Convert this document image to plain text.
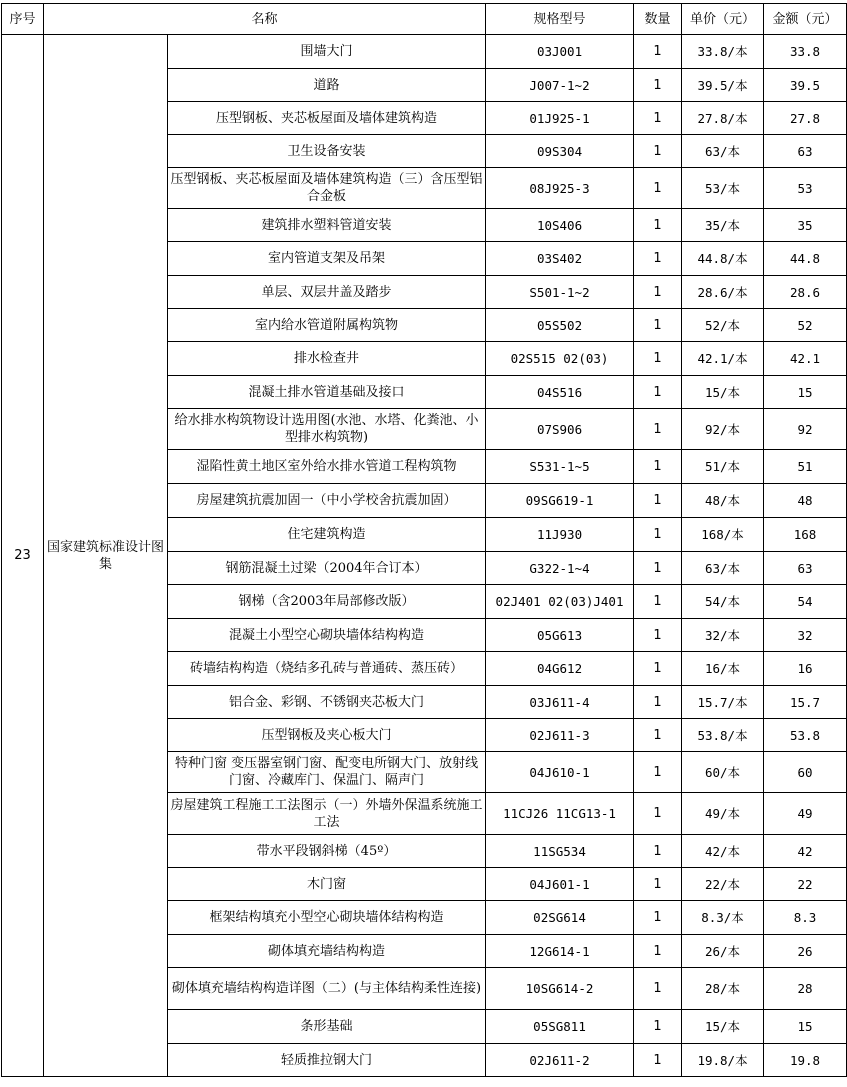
序号	名称		规格型号	数量	单价（元）	金额（元）
23	国家建筑标准设计图集	围墙大门	03J001	1	33.8/本	33.8
		道路	J007-1~2	1	39.5/本	39.5
		压型钢板、夹芯板屋面及墙体建筑构造	01J925-1	1	27.8/本	27.8
		卫生设备安装	09S304	1	63/本	63
		压型钢板、夹芯板屋面及墙体建筑构造（三）含压型铝合金板	08J925-3	1	53/本	53
		建筑排水塑料管道安装	10S406	1	35/本	35
		室内管道支架及吊架	03S402	1	44.8/本	44.8
		单层、双层井盖及踏步	S501-1~2	1	28.6/本	28.6
		室内给水管道附属构筑物	05S502	1	52/本	52
		排水检查井	02S515 02(03)	1	42.1/本	42.1
		混凝土排水管道基础及接口	04S516	1	15/本	15
		给水排水构筑物设计选用图(水池、水塔、化粪池、小型排水构筑物)	07S906	1	92/本	92
		湿陷性黄土地区室外给水排水管道工程构筑物	S531-1~5	1	51/本	51
		房屋建筑抗震加固一（中小学校舍抗震加固）	09SG619-1	1	48/本	48
		住宅建筑构造	11J930	1	168/本	168
		钢筋混凝土过梁（2004年合订本）	G322-1~4	1	63/本	63
		钢梯（含2003年局部修改版）	02J401 02(03)J401	1	54/本	54
		混凝土小型空心砌块墙体结构构造	05G613	1	32/本	32
		砖墙结构构造（烧结多孔砖与普通砖、蒸压砖）	04G612	1	16/本	16
		铝合金、彩钢、不锈钢夹芯板大门	03J611-4	1	15.7/本	15.7
		压型钢板及夹心板大门	02J611-3	1	53.8/本	53.8
		特种门窗 变压器室钢门窗、配变电所钢大门、放射线门窗、冷藏库门、保温门、隔声门	04J610-1	1	60/本	60
		房屋建筑工程施工工法图示（一）外墙外保温系统施工工法	11CJ26 11CG13-1	1	49/本	49
		带水平段钢斜梯（45º）	11SG534	1	42/本	42
		木门窗	04J601-1	1	22/本	22
		框架结构填充小型空心砌块墙体结构构造	02SG614	1	8.3/本	8.3
		砌体填充墙结构构造	12G614-1	1	26/本	26
		砌体填充墙结构构造详图（二）(与主体结构柔性连接)	10SG614-2	1	28/本	28
		条形基础	05SG811	1	15/本	15
		轻质推拉钢大门	02J611-2	1	19.8/本	19.8
